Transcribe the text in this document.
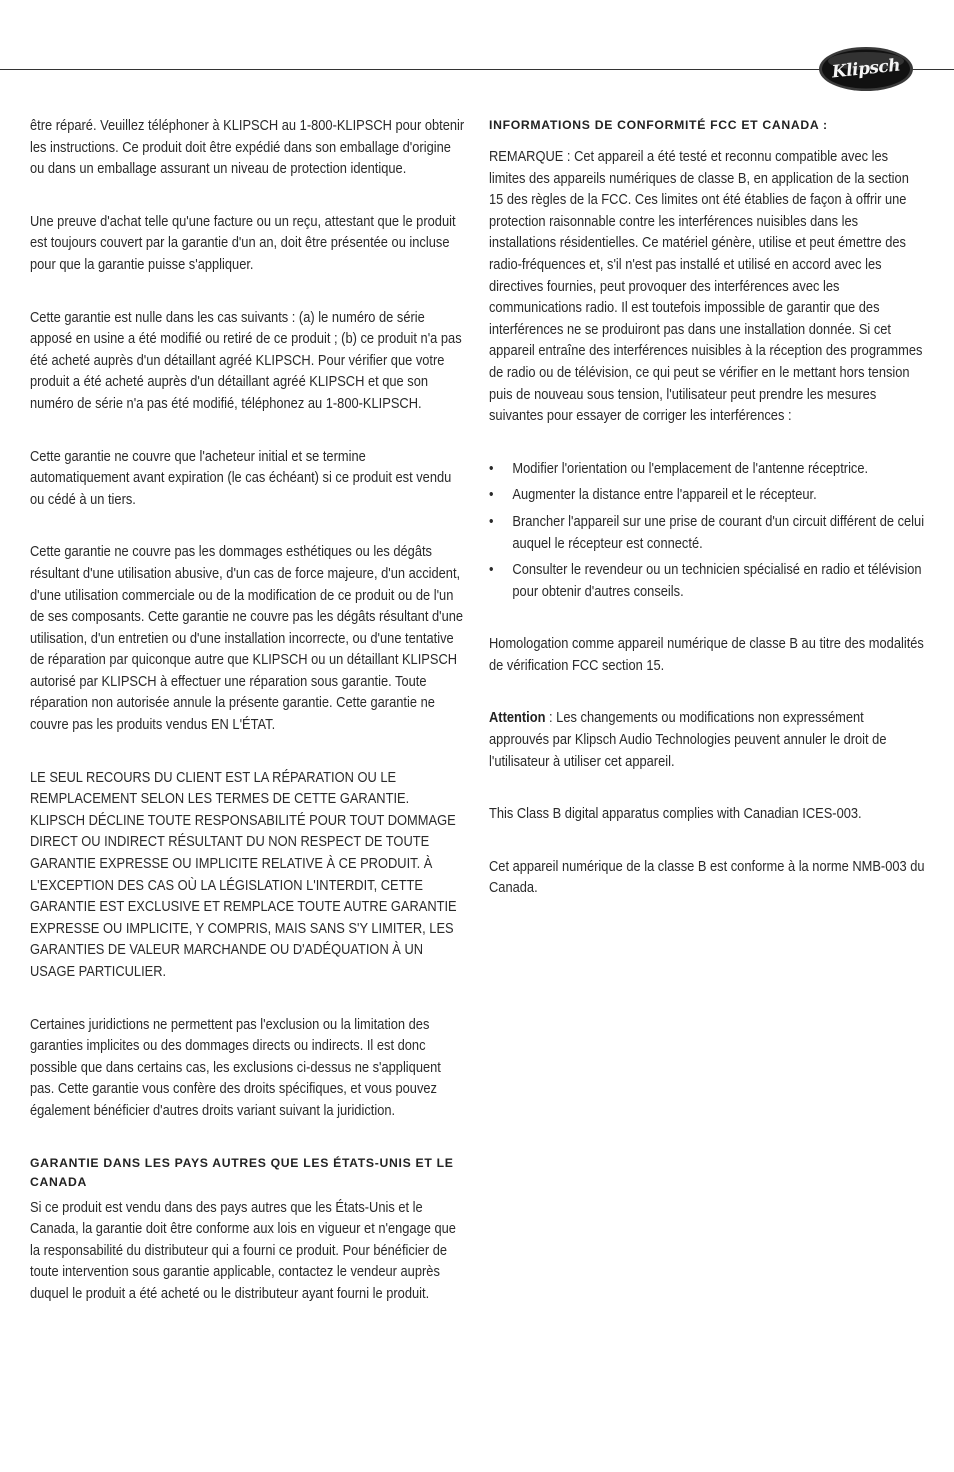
Klipsch

être réparé. Veuillez téléphoner à KLIPSCH au 1-800-KLIPSCH pour obtenir les instructions. Ce produit doit être expédié dans son emballage d'origine ou dans un emballage assurant un niveau de protection identique.

Une preuve d'achat telle qu'une facture ou un reçu, attestant que le produit est toujours couvert par la garantie d'un an, doit être présentée ou incluse pour que la garantie puisse s'appliquer.

Cette garantie est nulle dans les cas suivants : (a) le numéro de série apposé en usine a été modifié ou retiré de ce produit ; (b) ce produit n'a pas été acheté auprès d'un détaillant agréé KLIPSCH. Pour vérifier que votre produit a été acheté auprès d'un détaillant agréé KLIPSCH et que son numéro de série n'a pas été modifié, téléphonez au 1-800-KLIPSCH.

Cette garantie ne couvre que l'acheteur initial et se termine automatiquement avant expiration (le cas échéant) si ce produit est vendu ou cédé à un tiers.

Cette garantie ne couvre pas les dommages esthétiques ou les dégâts résultant d'une utilisation abusive, d'un cas de force majeure, d'un accident, d'une utilisation commerciale ou de la modification de ce produit ou de l'un de ses composants. Cette garantie ne couvre pas les dégâts résultant d'une utilisation, d'un entretien ou d'une installation incorrecte, ou d'une tentative de réparation par quiconque autre que KLIPSCH ou un détaillant KLIPSCH autorisé par KLIPSCH à effectuer une réparation sous garantie. Toute réparation non autorisée annule la présente garantie. Cette garantie ne couvre pas les produits vendus EN L'ÉTAT.

LE SEUL RECOURS DU CLIENT EST LA RÉPARATION OU LE REMPLACEMENT SELON LES TERMES DE CETTE GARANTIE. KLIPSCH DÉCLINE TOUTE RESPONSABILITÉ POUR TOUT DOMMAGE DIRECT OU INDIRECT RÉSULTANT DU NON RESPECT DE TOUTE GARANTIE EXPRESSE OU IMPLICITE RELATIVE À CE PRODUIT. À L'EXCEPTION DES CAS OÙ LA LÉGISLATION L'INTERDIT, CETTE GARANTIE EST EXCLUSIVE ET REMPLACE TOUTE AUTRE GARANTIE EXPRESSE OU IMPLICITE, Y COMPRIS, MAIS SANS S'Y LIMITER, LES GARANTIES DE VALEUR MARCHANDE OU D'ADÉQUATION À UN USAGE PARTICULIER.

Certaines juridictions ne permettent pas l'exclusion ou la limitation des garanties implicites ou des dommages directs ou indirects. Il est donc possible que dans certains cas, les exclusions ci-dessus ne s'appliquent pas. Cette garantie vous confère des droits spécifiques, et vous pouvez également bénéficier d'autres droits variant suivant la juridiction.

GARANTIE DANS LES PAYS AUTRES QUE LES ÉTATS-UNIS ET LE CANADA

Si ce produit est vendu dans des pays autres que les États-Unis et le Canada, la garantie doit être conforme aux lois en vigueur et n'engage que la responsabilité du distributeur qui a fourni ce produit. Pour bénéficier de toute intervention sous garantie applicable, contactez le vendeur auprès duquel le produit a été acheté ou le distributeur ayant fourni le produit.

INFORMATIONS DE CONFORMITÉ FCC ET CANADA :

REMARQUE : Cet appareil a été testé et reconnu compatible avec les limites des appareils numériques de classe B, en application de la section 15 des règles de la FCC. Ces limites ont été établies de façon à offrir une protection raisonnable contre les interférences nuisibles dans les installations résidentielles. Ce matériel génère, utilise et peut émettre des radio-fréquences et, s'il n'est pas installé et utilisé en accord avec les directives fournies, peut provoquer des interférences avec les communications radio. Il est toutefois impossible de garantir que des interférences ne se produiront pas dans une installation donnée. Si cet appareil entraîne des interférences nuisibles à la réception des programmes de radio ou de télévision, ce qui peut se vérifier en le mettant hors tension puis de nouveau sous tension, l'utilisateur peut prendre les mesures suivantes pour essayer de corriger les interférences :

• Modifier l'orientation ou l'emplacement de l'antenne réceptrice.
• Augmenter la distance entre l'appareil et le récepteur.
• Brancher l'appareil sur une prise de courant d'un circuit différent de celui auquel le récepteur est connecté.
• Consulter le revendeur ou un technicien spécialisé en radio et télévision pour obtenir d'autres conseils.

Homologation comme appareil numérique de classe B au titre des modalités de vérification FCC section 15.

Attention : Les changements ou modifications non expressément approuvés par Klipsch Audio Technologies peuvent annuler le droit de l'utilisateur à utiliser cet appareil.

This Class B digital apparatus complies with Canadian ICES-003.

Cet appareil numérique de la classe B est conforme à la norme NMB-003 du Canada.
